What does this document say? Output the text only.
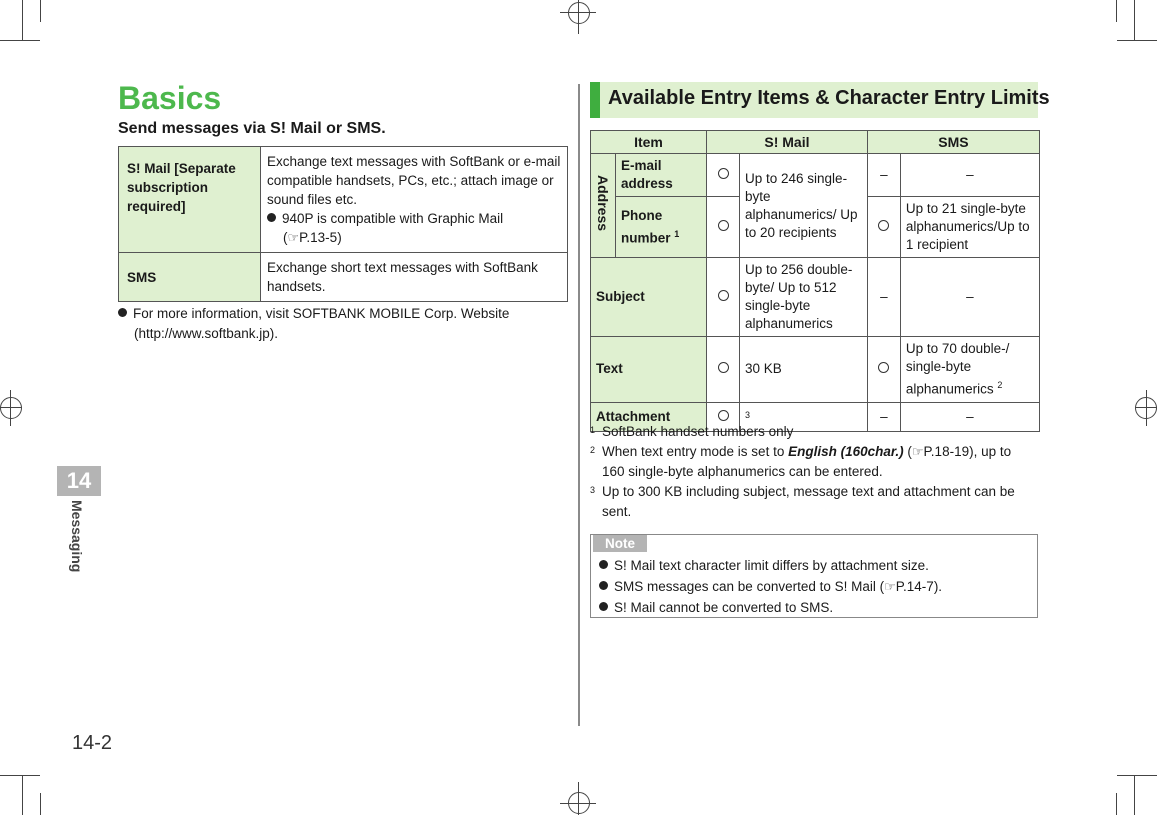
14
Messaging
14-2
Basics

Send messages via S! Mail or SMS.

S! Mail [Separate subscription required]	Exchange text messages with SoftBank or e-mail compatible handsets, PCs, etc.; attach image or sound files etc.
940P is compatible with Graphic Mail
(☞P.13-5)

SMS	Exchange short text messages with SoftBank handsets.
For more information, visit SOFTBANK MOBILE Corp. Website (http://www.softbank.jp).
Available Entry Items & Character Entry Limits
Item		S! Mail		SMS	
Address	E-mail address		Up to 246 single-byte alphanumerics/ Up to 20 recipients	–	–
	Phone number $^1$				Up to 21 single-byte alphanumerics/Up to 1 recipient
Subject			Up to 256 double-byte/ Up to 512 single-byte alphanumerics	–	–
Text			30 KB		Up to 70 double-/ single-byte alphanumerics $^2$
Attachment			$^3$	–	–
1 SoftBank handset numbers only
2 When text entry mode is set to English (160char.) (☞P.18-19), up to 160 single-byte alphanumerics can be entered.
3 Up to 300 KB including subject, message text and attachment can be sent.
Note
S! Mail text character limit differs by attachment size.
SMS messages can be converted to S! Mail (☞P.14-7).
S! Mail cannot be converted to SMS.
